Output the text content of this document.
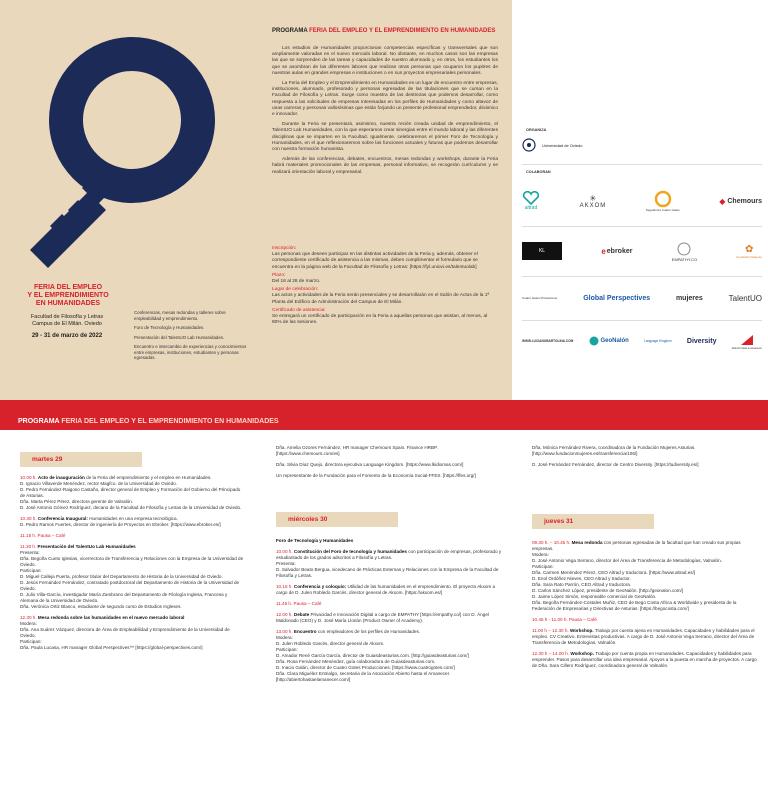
FERIA DEL EMPLEO
Y EL EMPRENDIMIENTO
EN HUMANIDADES
Facultad de Filosofía y Letras
Campus de El Milán. Oviedo
29 - 31 de marzo de 2022
Conferencias, mesas redondas y talleres sobre empleabilidad y emprendimiento.
Foro de Tecnología y Humanidades.
Presentación del TalentUO Lab Humanidades.
Encuentro e intercambio de experiencias y conocimientos entre empresas, instituciones, estudiantes y personas egresadas.
PROGRAMA FERIA DEL EMPLEO Y EL EMPRENDIMIENTO EN HUMANIDADES

Los estudios de Humanidades proporcionan competencias específicas y transversales que son ampliamente valoradas en el nuevo mercado laboral. No obstante, en muchos casos son las empresas las que se sorprenden de las tareas y capacidades de nuestro alumnado y, en otros, los estudiantes los que se asombran de las diferentes labores que realizan otras personas que ocuparon los pupitres de nuestras aulas en grandes empresas e instituciones o en sus proyectos empresariales personales.

La Feria del Empleo y el Emprendimiento en Humanidades es un lugar de encuentro entre empresas, instituciones, alumnado, profesorado y personas egresadas de las titulaciones que se cursan en la Facultad de Filosofía y Letras. Surge como muestra de las destrezas que podemos desarrollar, como respuesta a las solicitudes de empresas interesadas en los perfiles de Humanidades y como altavoz de unas carreras y personas vallosísimas que están forjando un presente profesional emprendedor, dinámico e innovador.

Durante la Feria se presentará, asimismo, nuestra recién creada unidad de emprendimiento, el TalentUO Lab Humanidades, con la que esperamos crear sinergias entre el mundo laboral y las diferentes disciplinas que se imparten en la Facultad. Igualmente, celebraremos el primer Foro de Tecnología y Humanidades, en el que reflexionaremos sobre las funciones actuales y futuras que podemos desarrollar con nuestra formación humanista.

Además de las conferencias, debates, encuentros, mesas redondas y workshops, durante la Feria habrá materiales promocionales de las empresas, personal informativo, se recogerán currículums y se realizará orientación laboral y empresarial.

Inscripción:
Las personas que deseen participar en las distintas actividades de la Feria y, además, obtener el correspondiente certificado de asistencia a las mismas, deben cumplimentar el formulario que se encuentra en la página web de la Facultad de Filosofía y Letras: [https://fyl.uniovi.es/talentuolab]
Plazo:
Del 16 al 28 de marzo.
Lugar de celebración:
Las actos y actividades de la Feria serán presenciales y se desarrollarán en el Salón de Actos de la 1ª Planta del Edificio de Administración del Campus de El Milán.
Certificado de asistencia:
Se entregará un certificado de participación en la Feria a aquellas personas que asistan, al menos, al 80% de las sesiones.
ORGANIZA
Universidad de Oviedo
COLABORAN
altrad
✳
AKXOM
Seguidores Cuatro Gatos
◆ Chemours
KL	e ebroker
EMPATHY.CO
✿
Fundación Mujeres
Cuatro Gatos Produccione	Global Perspectives	mujeres	TalentUO
WWW.LUCIANOBARTOLINA.COM	GeoNalón	Language Kingdom Diversity
Abierto hasta el amanecer
PROGRAMA FERIA DEL EMPLEO Y EL EMPRENDIMIENTO EN HUMANIDADES
martes 29
miércoles 30	jueves 31
10.00 h. Acto de inauguración de la Feria del emprendimiento y el empleo en Humanidades.
D. Ignacio Villaverde Menéndez, rector Magfco. de la Universidad de Oviedo.
D. Pedro Fernández-Raigoso Castaño, director general de Empleo y Formación del Gobierno del Principado de Asturias.
Dña. Marta Pérez Pérez, directora gerente de Valnalón.
D. José Antonio Gómez Rodríguez, decano de la Facultad de Filosofía y Letras de la Universidad de Oviedo.
10.30 h. Conferencia Inaugural: Humanidades en una empresa tecnológica.
D. Pedro Ramos Fuertes, director de ingeniería de Proyectos en Ebroker. [https://www.ebroker.es/]
11.15 h. Pausa – Café
11.30 h. Presentación del TalentUo Lab Humanidades
Presenta:
Dña. Begoña Cueto Iglesias, vicerrectora de Transferencia y Relaciones con la Empresa de la Universidad de Oviedo.
Participan:
D. Miguel Calleja Puerta, profesor titular del Departamento de Historia de la Universidad de Oviedo.
D. Jesús Fernández Fernández, contratado postdoctoral del Departamento de Historia de la Universidad de Oviedo.
D. Julio Villa-García, investigador María Zambrano del Departamento de Filología Inglesa, Francesa y Alemana de la Universidad de Oviedo.
Dña. Verónica Ortiz Blanco, estudiante de segundo curso de Estudios Ingleses.
12.30 h. Mesa redonda sobre las humanidades en el nuevo mercado laboral
Modera:
Dña. Ana Suárez Vázquez, directora de Área de Empleabilidad y Emprendimiento de la Universidad de Oviedo.
Participan:
Dña. Paula Lucasa, HR manager Global Perspectives™ [https://global-perspectives.com/]
Dña. Amelia Ozores Fernández, HR manager Chemours Spain. Finance HRBP. [https://www.chemours.com/es]
Dña. Silvia Díaz Quejo, directora ejecutiva Language Kingdom. [https://www.lkidiomas.com/]
Un representante de la Fundación para el Fomento de la Economía Social-FFES. [https://ffes.org/]
Foro de Tecnología y Humanidades
10.00 h. Constitución del Foro de tecnología y humanidades con participación de empresas, profesorado y estudiantado de los grados adscritos a Filosofía y Letras.
Presenta:
D. Salvador Beato Bergua, vicedecano de Prácticas Externas y Relaciones con la Empresa de la Facultad de Filosofía y Letras.
10.15 h. Conferencia y coloquio: Utilidad de las humanidades en el emprendimiento. El proyecto Akxom a cargo de D. Julen Robledo Garcés, director general de Akxom. [https://akxom.es/]
11.45 h. Pausa – Café
12.00 h. Debate Privacidad e Innovación Digital a cargo de EMPATHY [https://empathy.co/] con D. Ángel Maldonado (CEO) y D. José María Llorián (Product Owner of Academy).
13.00 h. Encuentro con empleadores de los perfiles de Humanidades.
Modera:
D. Julen Robledo Garcés, director general de Akxom.
Participan:
D. Amador René García García, director de Guiasdeasturias.com. [http://guiasdeasturias.com/]
Dña. Rosa Fernández Menéndez, guía colaboradora de Guiasdeasturias.com.
D. Inacio Galán, director de Cuatro Gotes Producciones. [https://www.cuatrogotes.com/]
Dña. Clara Miguélez Entrialgo, secretaria de la Asociación Abierto hasta el Amanecer. [http://abiertohastaelamanecer.com/]
Dña. Mónica Fernández Rivera, coordinadora de la Fundación Mujeres Asturias. [http://www.fundacionmujeres.es/transferencia/106/]
D. José Fernández Fernández, director de Centro Diversity. [https://tudiversity.es/]
09.30 h. – 10.45 h. Mesa redonda con personas egresadas de la facultad que han creado sus propias empresas.
Modera:
D. José Antonio Vega Serrano, director del Área de Transferencia de Metodologías, Valnalón.
Participan:
Dña. Carmen Menéndez Pérez, CEO Altrad y traductora. [https://www.altrad.es/]
D. Enol Ordóñez Nieves, CEO Altrad y traductor.
Dña. Sara Rato Parrón, CEO Altrad y traductora.
D. Carlos Sánchez López, presidente de GeoNalón. [http://geonalon.com/]
D. Jaime López Simón, responsable comercial de GeoNalón.
Dña. Begoña Fernández-Costales Muñiz, CEO de Bego Costa Africa & Worldwide y presidenta de la Federación de Empresarias y Directivas de Asturias. [https://begocosta.com/]
10.45 h - 11.00 h. Pausa – Café
11.00 h – 12.30 h. Workshop. Trabajo por cuenta ajena en Humanidades. Capacidades y habilidades para el empleo. CV Creativo. Entrevistas productivas. A cargo de D. José Antonio Vega Serrano, director del Área de Transferencia de Metodologías, Valnalón.
12.30 h – 14.00 h. Workshop. Trabajo por cuenta propia en Humanidades. Capacidades y habilidades para emprender. Pasos para desarrollar una idea empresarial. Apoyos a la puesta en marcha de proyectos. A cargo de Dña. Sara Cillero Rodríguez, coordinadora general de Valnalón.
